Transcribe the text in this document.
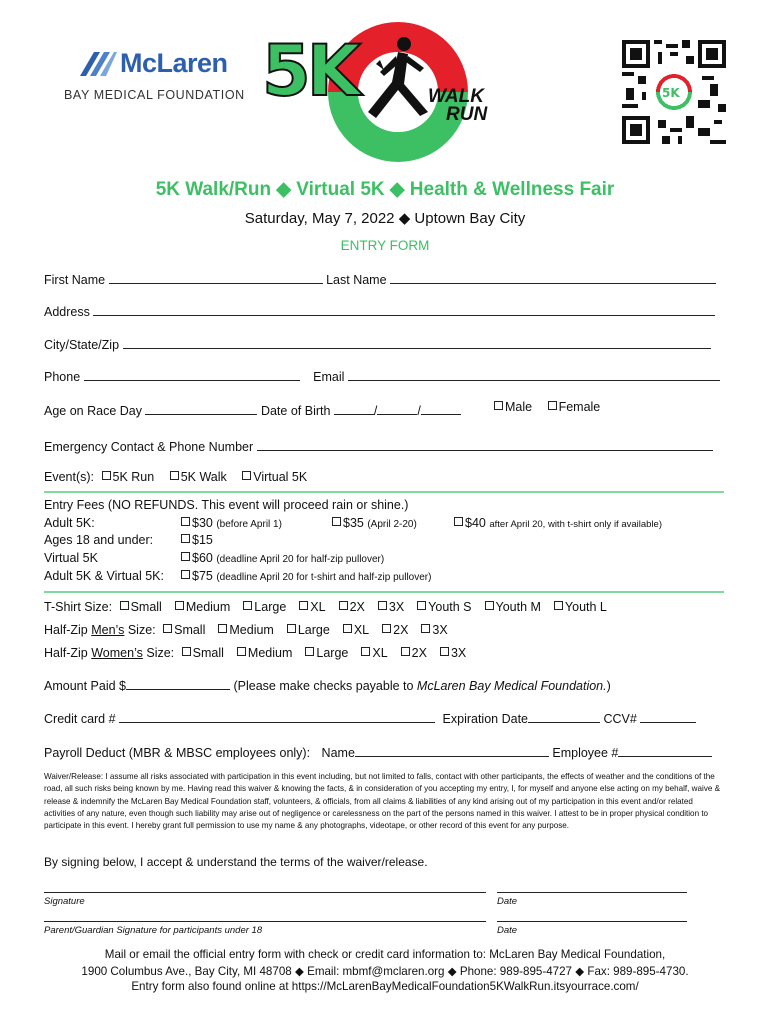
McLaren
BAY MEDICAL FOUNDATION 5K	WALK
RUN
5K
5K Walk/Run ◆ Virtual 5K ◆ Health & Wellness Fair
Saturday, May 7, 2022 ◆ Uptown Bay City
ENTRY FORM
First Name	Last Name
Address
City/State/Zip
Phone	Email
Age on Race Day	Date of Birth	/	/	Male Female
Emergency Contact & Phone Number
Event(s): 5K Run 5K Walk Virtual 5K
Entry Fees (NO REFUNDS. This event will proceed rain or shine.)
Adult 5K:	$30 (before April 1)	$35 (April 2-20)	$40 after April 20, with t-shirt only if available)
Ages 18 and under:	$15
Virtual 5K	$60 (deadline April 20 for half-zip pullover)
Adult 5K & Virtual 5K:	$75 (deadline April 20 for t-shirt and half-zip pullover)
T-Shirt Size: Small Medium Large XL 2X 3X Youth S Youth M Youth L
Half-Zip Men’s Size: Small Medium Large XL 2X 3X
Half-Zip Women’s Size: Small Medium Large XL 2X 3X
Amount Paid $	(Please make checks payable to McLaren Bay Medical Foundation.)
Credit card #	Expiration Date	CCV#
Payroll Deduct (MBR & MBSC employees only): Name	Employee #
Waiver/Release: I assume all risks associated with participation in this event including, but not limited to falls, contact with other participants, the effects of weather and the conditions of the road, all such risks being known by me. Having read this waiver & knowing the facts, & in consideration of you accepting my entry, I, for myself and anyone else acting on my behalf, waive & release & indemnify the McLaren Bay Medical Foundation staff, volunteers, & officials, from all claims & liabilities of any kind arising out of my participation in this event and/or related activities of any nature, even though such liability may arise out of negligence or carelessness on the part of the persons named in this waiver. I attest to be in proper physical condition to participate in this event. I hereby grant full permission to use my name & any photographs, videotape, or other record of this event for any purpose.
By signing below, I accept & understand the terms of the waiver/release.
Signature	Date
Parent/Guardian Signature for participants under 18	Date
Mail or email the official entry form with check or credit card information to: McLaren Bay Medical Foundation,
1900 Columbus Ave., Bay City, MI 48708 ◆ Email: mbmf@mclaren.org ◆ Phone: 989-895-4727 ◆ Fax: 989-895-4730.
Entry form also found online at https://McLarenBayMedicalFoundation5KWalkRun.itsyourrace.com/
